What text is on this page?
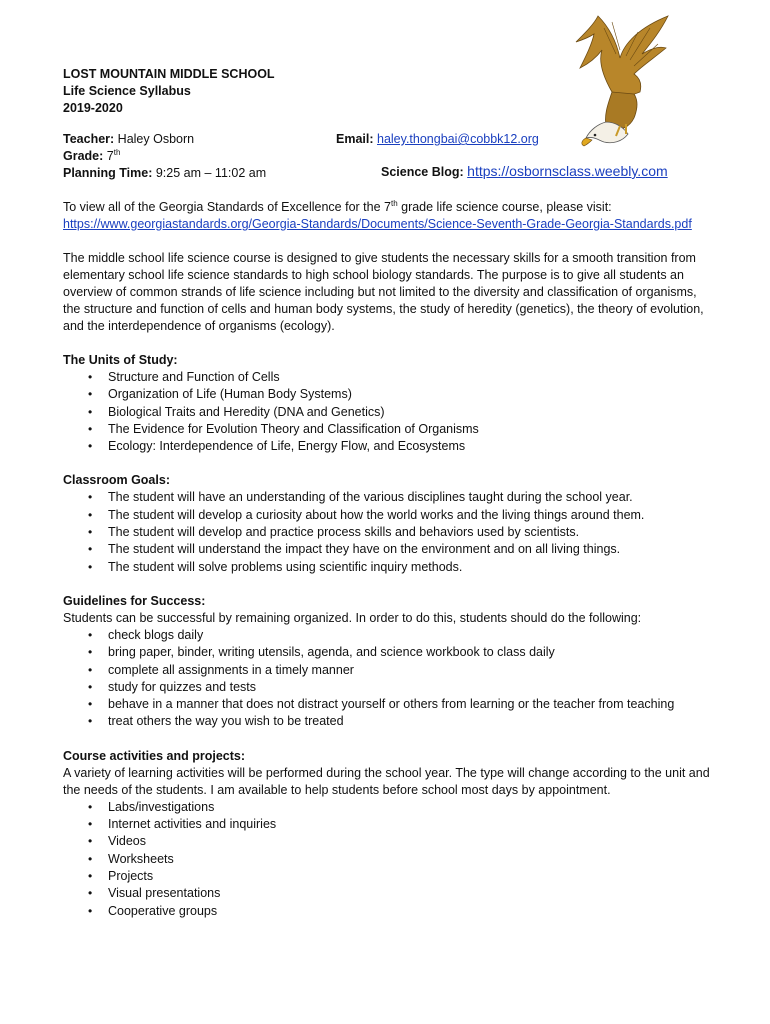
LOST MOUNTAIN MIDDLE SCHOOL
Life Science Syllabus
2019-2020
Teacher: Haley Osborn
Grade: 7th
Planning Time: 9:25 am – 11:02 am
Email: haley.thongbai@cobbk12.org
Science Blog: https://osbornsclass.weebly.com

To view all of the Georgia Standards of Excellence for the 7th grade life science course, please visit:

https://www.georgiastandards.org/Georgia-Standards/Documents/Science-Seventh-Grade-Georgia-Standards.pdf

The middle school life science course is designed to give students the necessary skills for a smooth transition from elementary school life science standards to high school biology standards. The purpose is to give all students an overview of common strands of life science including but not limited to the diversity and classification of organisms, the structure and function of cells and human body systems, the study of heredity (genetics), the theory of evolution, and the interdependence of organisms (ecology).

The Units of Study:
• Structure and Function of Cells
• Organization of Life (Human Body Systems)
• Biological Traits and Heredity (DNA and Genetics)
• The Evidence for Evolution Theory and Classification of Organisms
• Ecology: Interdependence of Life, Energy Flow, and Ecosystems
Classroom Goals:
• The student will have an understanding of the various disciplines taught during the school year.
• The student will develop a curiosity about how the world works and the living things around them.
• The student will develop and practice process skills and behaviors used by scientists.
• The student will understand the impact they have on the environment and on all living things.
• The student will solve problems using scientific inquiry methods.
Guidelines for Success:

Students can be successful by remaining organized. In order to do this, students should do the following:

• check blogs daily
• bring paper, binder, writing utensils, agenda, and science workbook to class daily
• complete all assignments in a timely manner
• study for quizzes and tests
• behave in a manner that does not distract yourself or others from learning or the teacher from teaching
• treat others the way you wish to be treated
Course activities and projects:

A variety of learning activities will be performed during the school year. The type will change according to the unit and the needs of the students. I am available to help students before school most days by appointment.

• Labs/investigations
• Internet activities and inquiries
• Videos
• Worksheets
• Projects
• Visual presentations
• Cooperative groups
